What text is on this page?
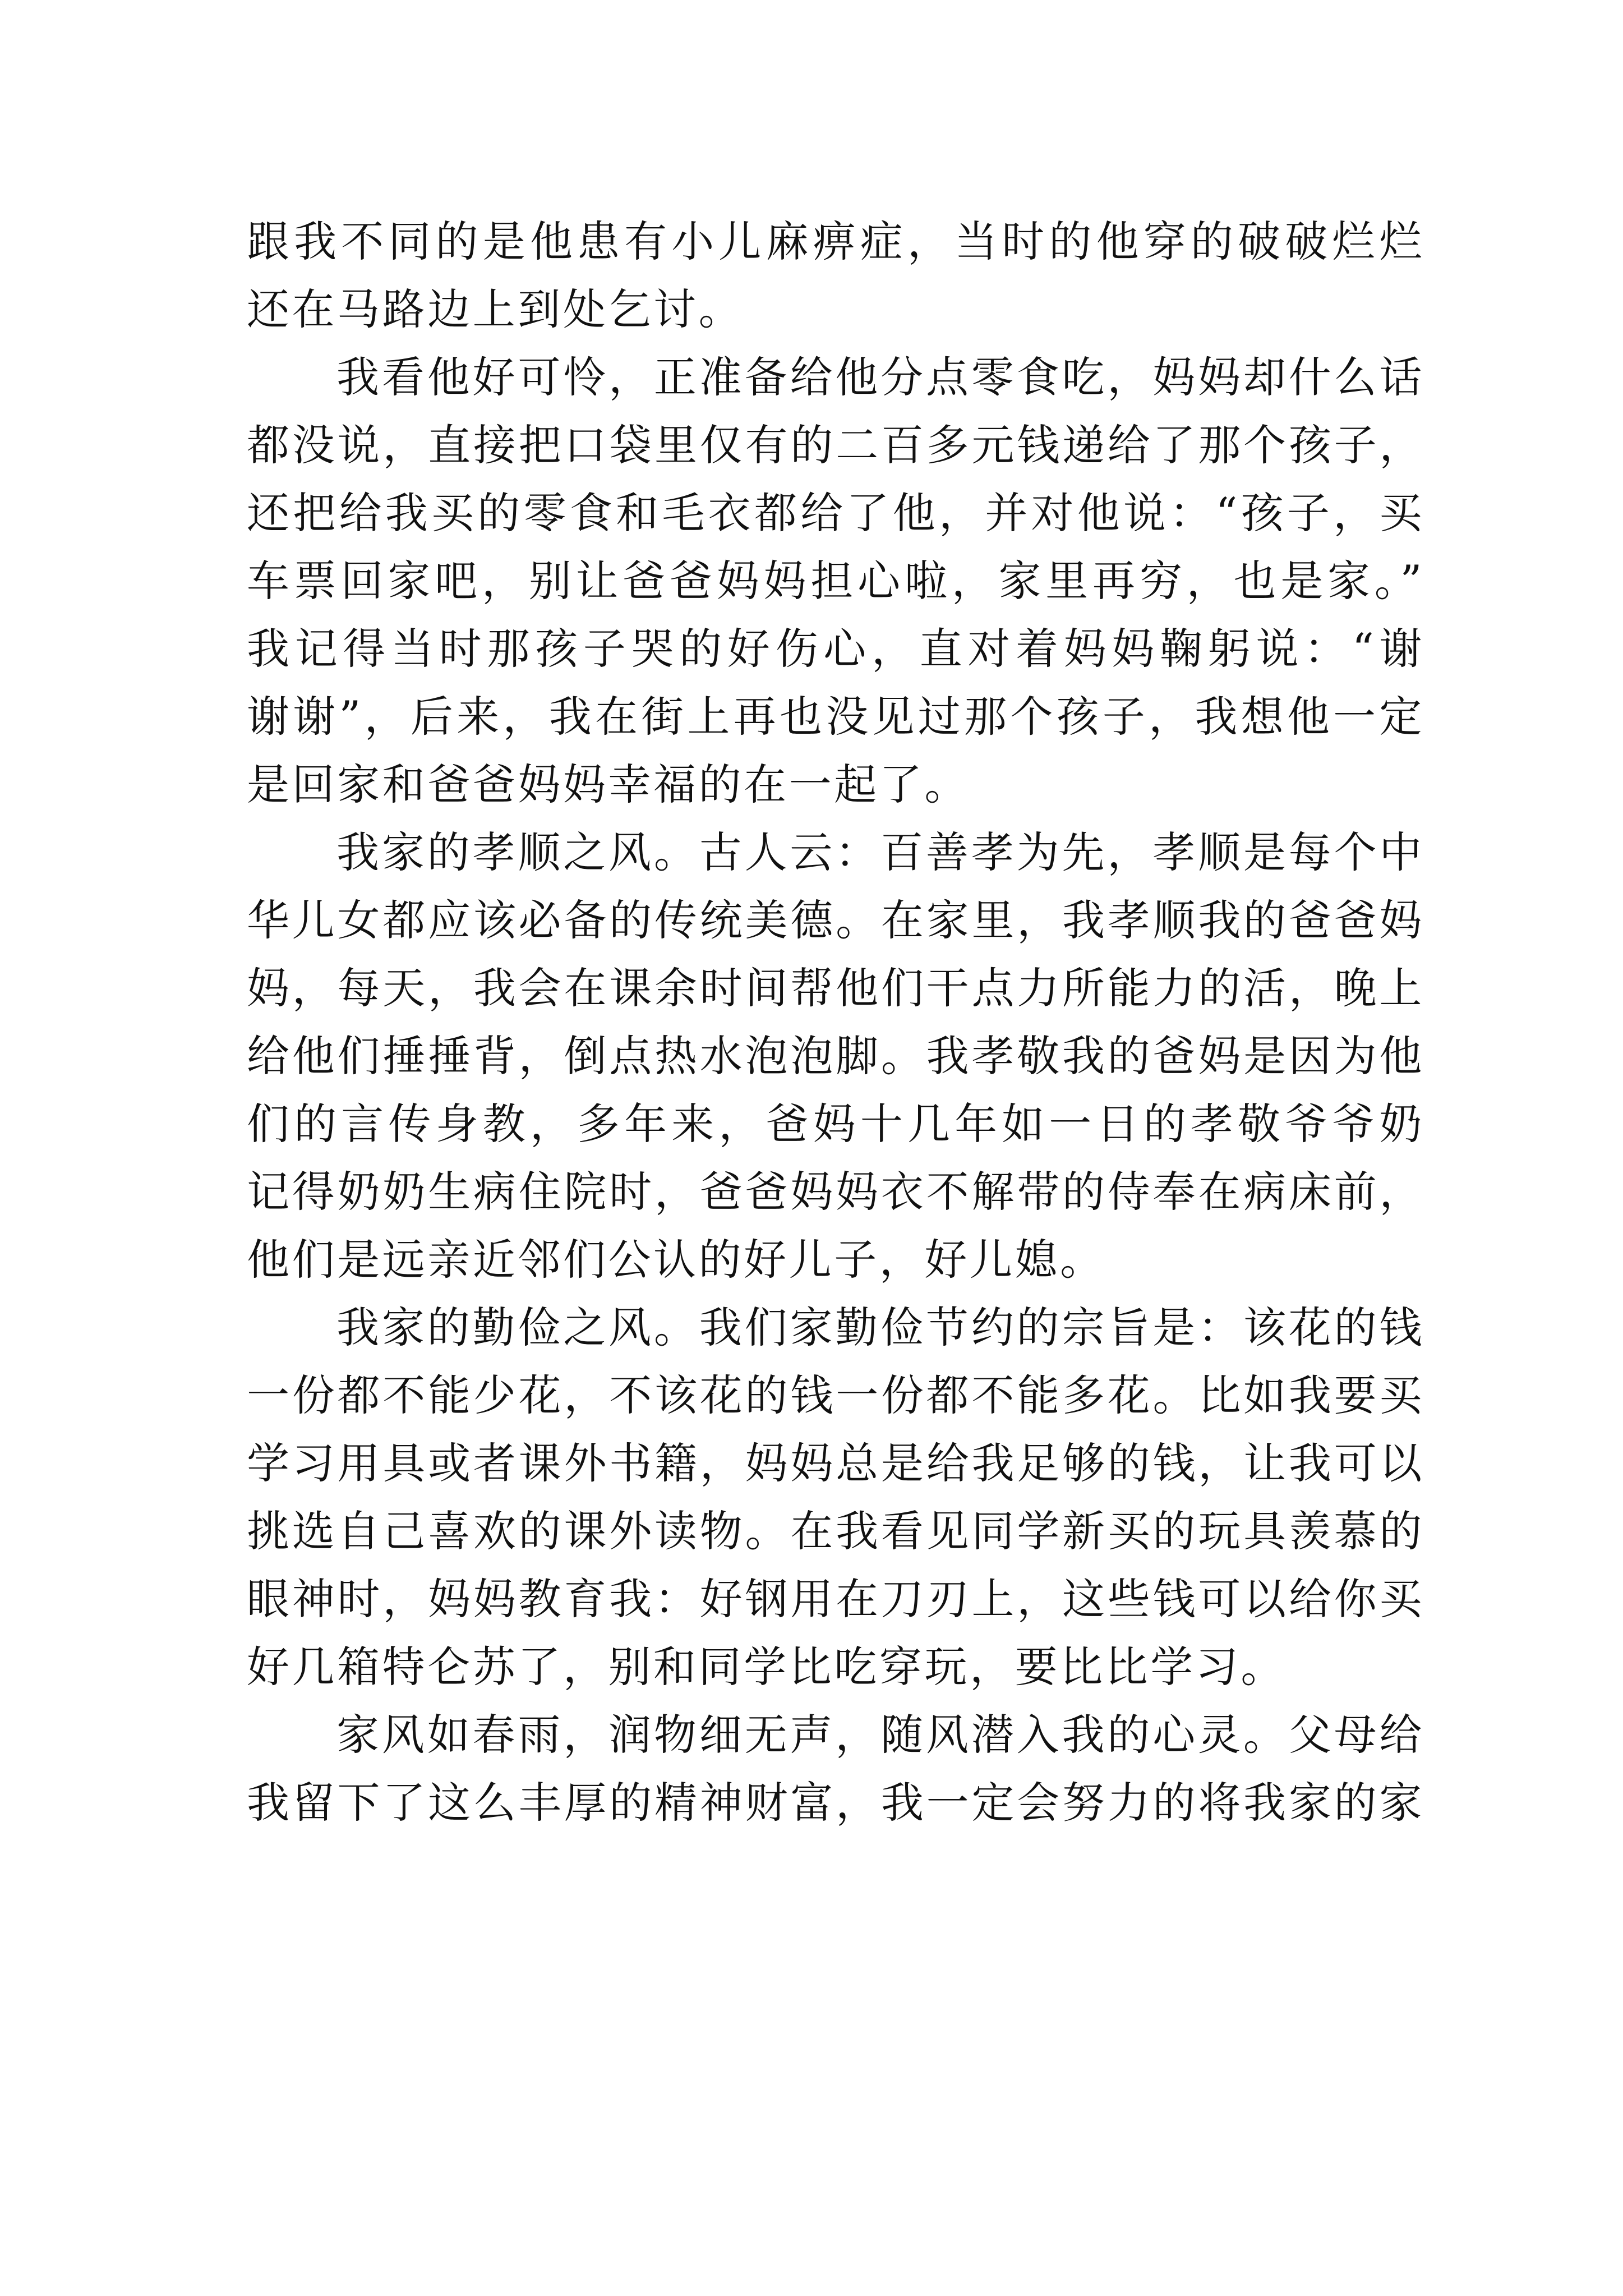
跟我不同的是他患有小儿麻痹症，当时的他穿的破破烂烂
还在马路边上到处乞讨。
我看他好可怜，正准备给他分点零食吃，妈妈却什么话
都没说，直接把口袋里仅有的二百多元钱递给了那个孩子，
还把给我买的零食和毛衣都给了他，并对他说：“孩子，买
车票回家吧，别让爸爸妈妈担心啦，家里再穷，也是家。”
我记得当时那孩子哭的好伤心，直对着妈妈鞠躬说：“谢
谢谢”，后来，我在街上再也没见过那个孩子，我想他一定
是回家和爸爸妈妈幸福的在一起了。
我家的孝顺之风。古人云：百善孝为先，孝顺是每个中
华儿女都应该必备的传统美德。在家里，我孝顺我的爸爸妈
妈，每天，我会在课余时间帮他们干点力所能力的活，晚上
给他们捶捶背，倒点热水泡泡脚。我孝敬我的爸妈是因为他
们的言传身教，多年来，爸妈十几年如一日的孝敬爷爷奶
记得奶奶生病住院时，爸爸妈妈衣不解带的侍奉在病床前，
他们是远亲近邻们公认的好儿子，好儿媳。
我家的勤俭之风。我们家勤俭节约的宗旨是：该花的钱
一份都不能少花，不该花的钱一份都不能多花。比如我要买
学习用具或者课外书籍，妈妈总是给我足够的钱，让我可以
挑选自己喜欢的课外读物。在我看见同学新买的玩具羡慕的
眼神时，妈妈教育我：好钢用在刀刃上，这些钱可以给你买
好几箱特仑苏了，别和同学比吃穿玩，要比比学习。
家风如春雨，润物细无声，随风潜入我的心灵。父母给
我留下了这么丰厚的精神财富，我一定会努力的将我家的家
